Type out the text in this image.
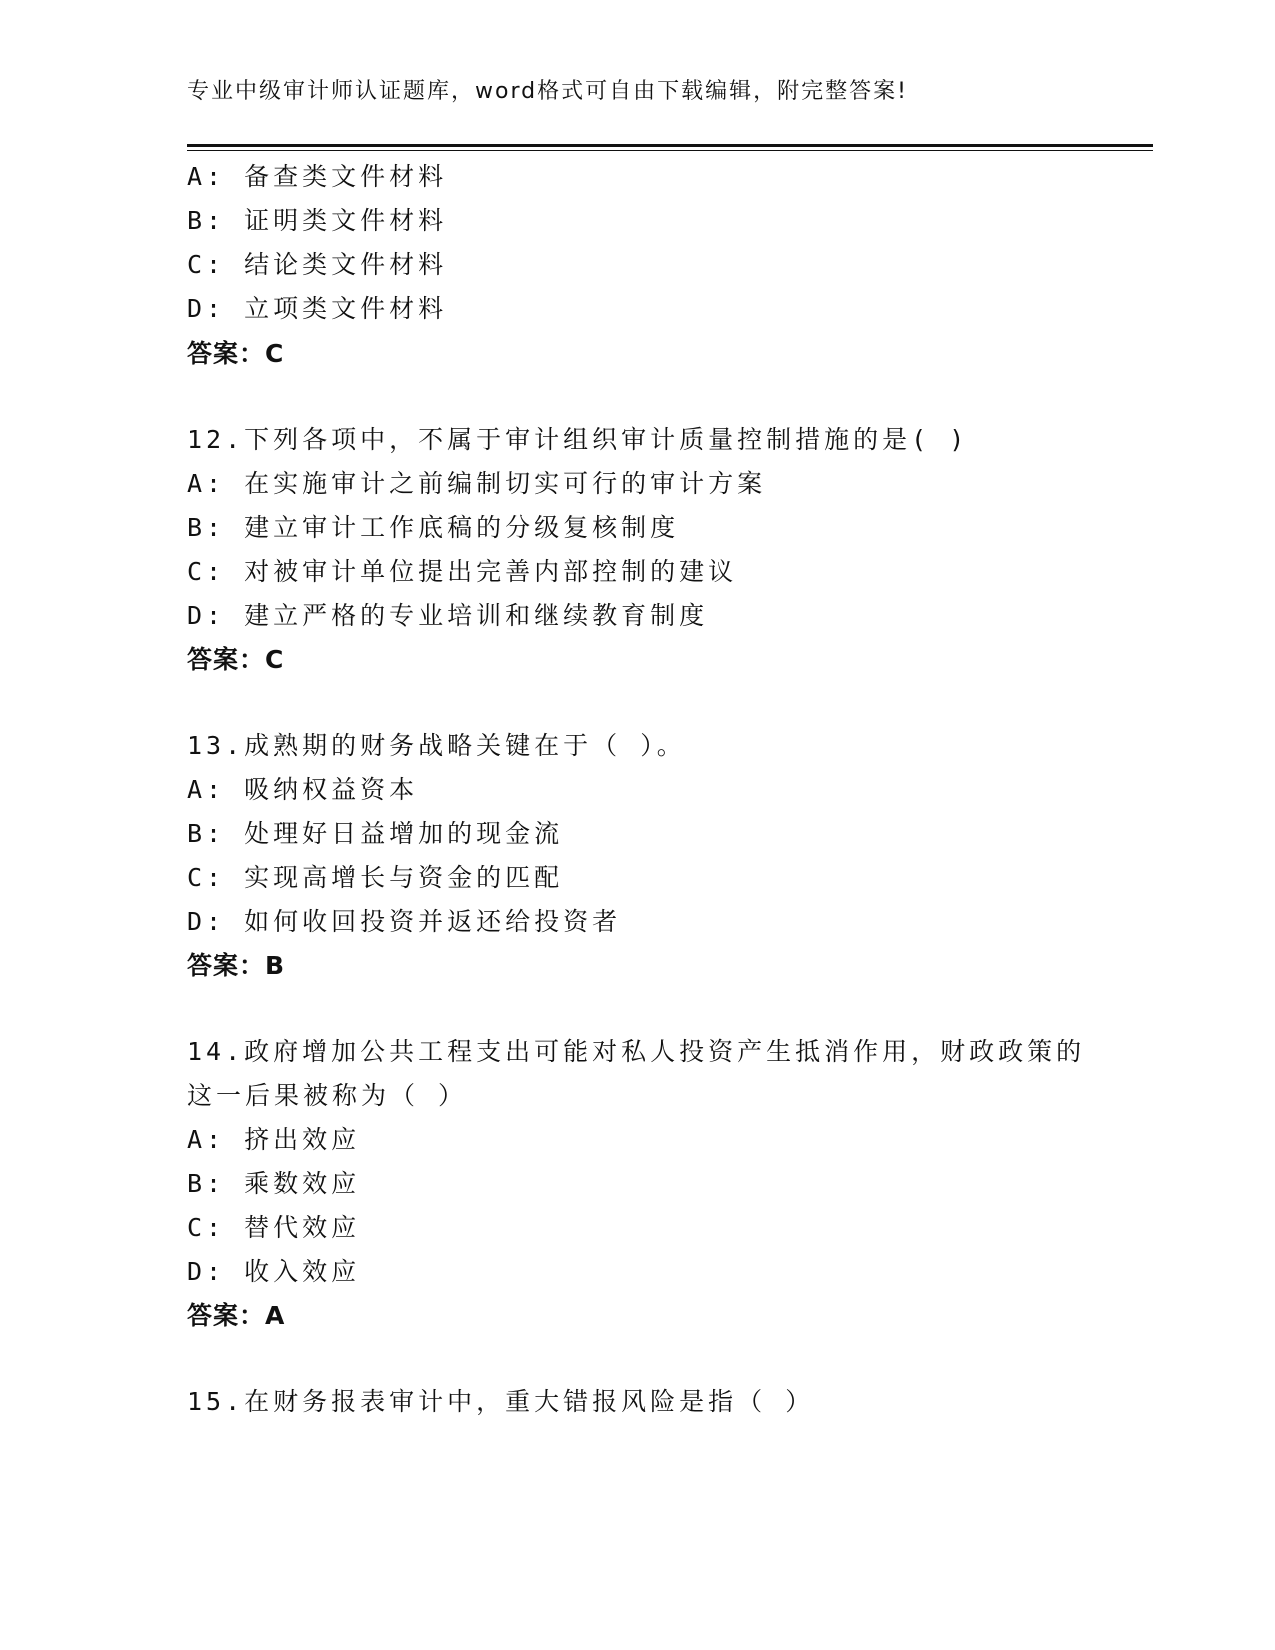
专业中级审计师认证题库，word格式可自由下载编辑，附完整答案!
A: 备查类文件材料
B: 证明类文件材料
C: 结论类文件材料
D: 立项类文件材料
答案：C
12.下列各项中，不属于审计组织审计质量控制措施的是( )
A: 在实施审计之前编制切实可行的审计方案
B: 建立审计工作底稿的分级复核制度
C: 对被审计单位提出完善内部控制的建议
D: 建立严格的专业培训和继续教育制度
答案：C
13.成熟期的财务战略关键在于（ ）。
A: 吸纳权益资本
B: 处理好日益增加的现金流
C: 实现高增长与资金的匹配
D: 如何收回投资并返还给投资者
答案：B
14.政府增加公共工程支出可能对私人投资产生抵消作用，财政政策的
这一后果被称为（ ）
A: 挤出效应
B: 乘数效应
C: 替代效应
D: 收入效应
答案：A
15.在财务报表审计中，重大错报风险是指（ ）
